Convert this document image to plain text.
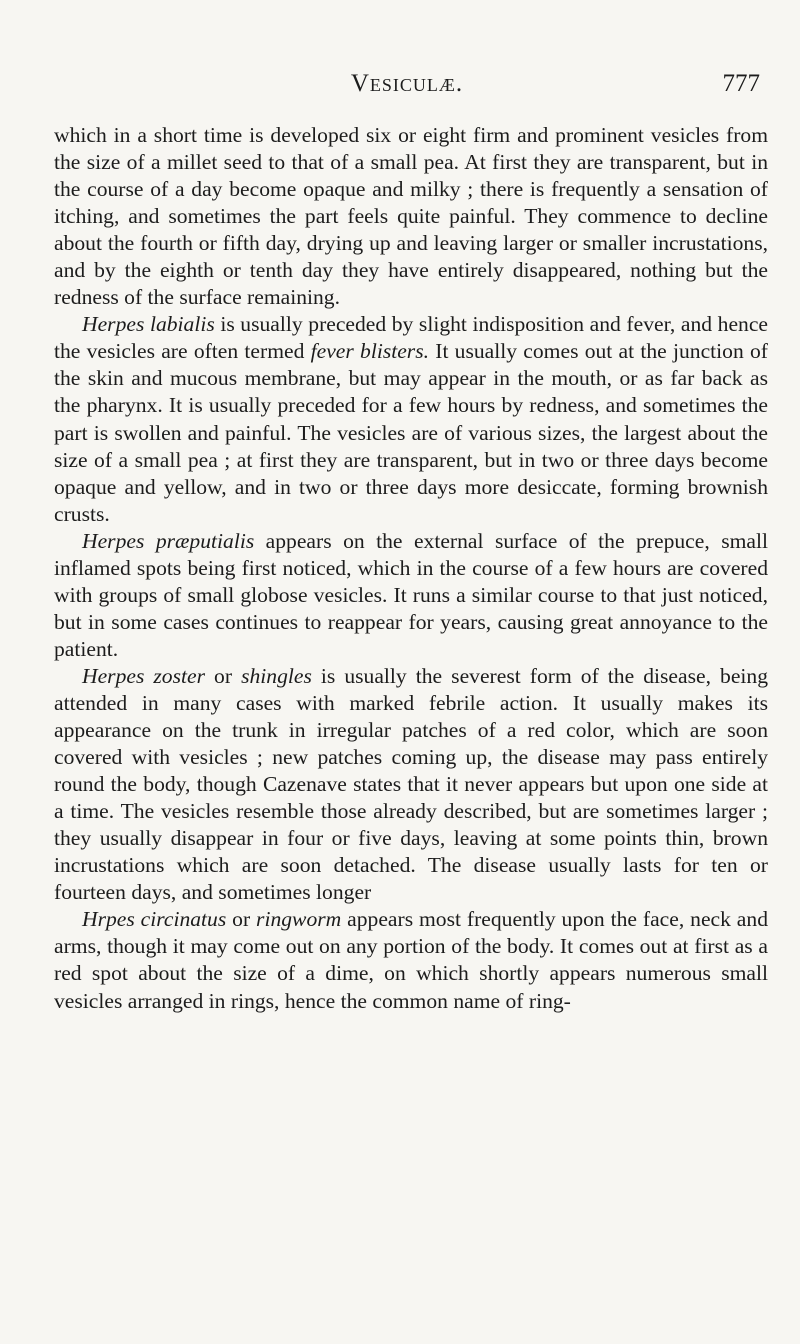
Vesiculæ.	777

which in a short time is developed six or eight firm and prominent vesicles from the size of a millet seed to that of a small pea. At first they are transparent, but in the course of a day become opaque and milky ; there is frequently a sensation of itching, and sometimes the part feels quite painful. They commence to decline about the fourth or fifth day, drying up and leaving larger or smaller incrustations, and by the eighth or tenth day they have entirely disappeared, nothing but the redness of the surface remaining.

Herpes labialis is usually preceded by slight indisposition and fever, and hence the vesicles are often termed fever blisters. It usually comes out at the junction of the skin and mucous membrane, but may appear in the mouth, or as far back as the pharynx. It is usually preceded for a few hours by redness, and sometimes the part is swollen and painful. The vesicles are of various sizes, the largest about the size of a small pea ; at first they are transparent, but in two or three days become opaque and yellow, and in two or three days more desiccate, forming brownish crusts.

Herpes præputialis appears on the external surface of the prepuce, small inflamed spots being first noticed, which in the course of a few hours are covered with groups of small globose vesicles. It runs a similar course to that just noticed, but in some cases continues to reappear for years, causing great annoyance to the patient.

Herpes zoster or shingles is usually the severest form of the disease, being attended in many cases with marked febrile action. It usually makes its appearance on the trunk in irregular patches of a red color, which are soon covered with vesicles ; new patches coming up, the disease may pass entirely round the body, though Cazenave states that it never appears but upon one side at a time. The vesicles resemble those already described, but are sometimes larger ; they usually disappear in four or five days, leaving at some points thin, brown incrustations which are soon detached. The disease usually lasts for ten or fourteen days, and sometimes longer

Hrpes circinatus or ringworm appears most frequently upon the face, neck and arms, though it may come out on any portion of the body. It comes out at first as a red spot about the size of a dime, on which shortly appears numerous small vesicles arranged in rings, hence the common name of ring-
